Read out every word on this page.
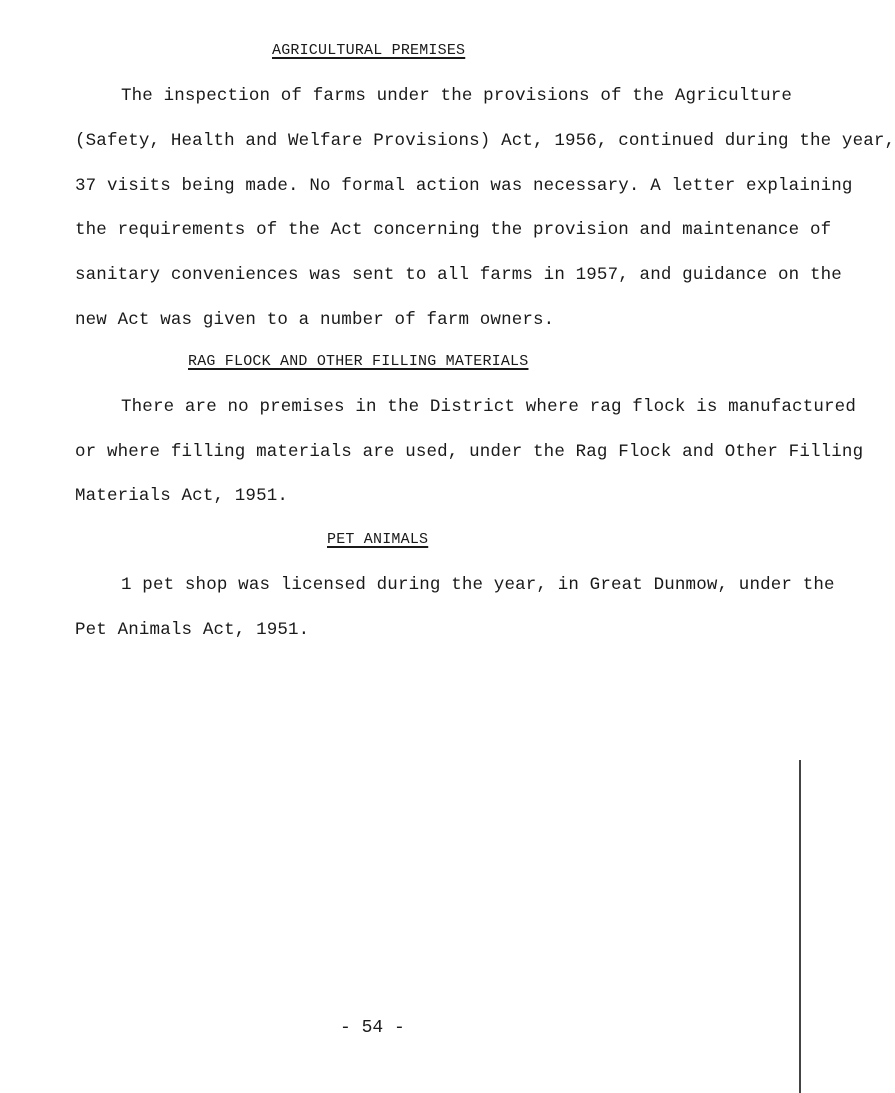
AGRICULTURAL PREMISES
The inspection of farms under the provisions of the Agriculture
(Safety, Health and Welfare Provisions) Act, 1956, continued during the year,
37 visits being made. No formal action was necessary. A letter explaining
the requirements of the Act concerning the provision and maintenance of
sanitary conveniences was sent to all farms in 1957, and guidance on the
new Act was given to a number of farm owners.
RAG FLOCK AND OTHER FILLING MATERIALS
There are no premises in the District where rag flock is manufactured
or where filling materials are used, under the Rag Flock and Other Filling
Materials Act, 1951.
PET ANIMALS
1 pet shop was licensed during the year, in Great Dunmow, under the
Pet Animals Act, 1951.
- 54 -
